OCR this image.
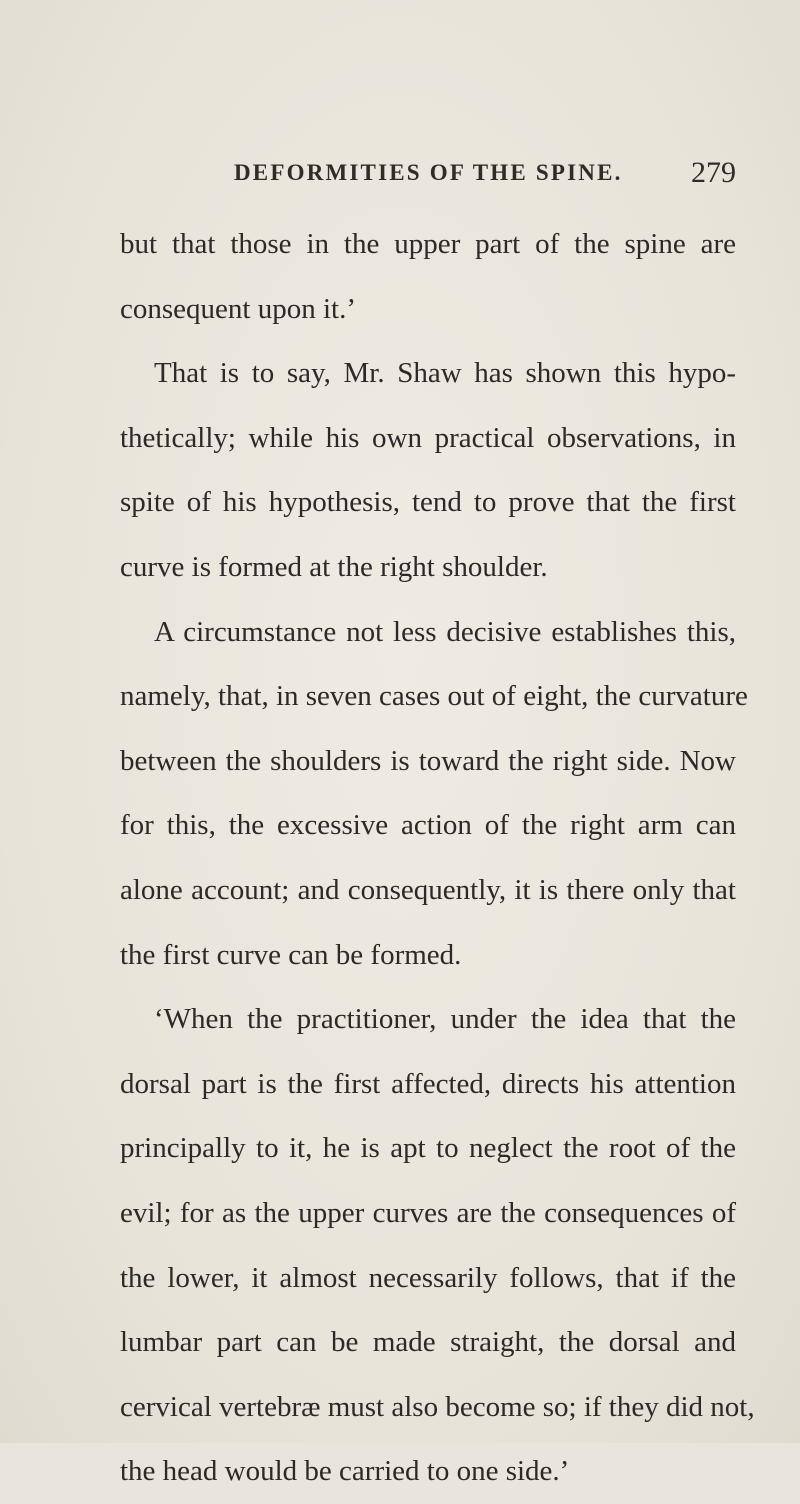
DEFORMITIES OF THE SPINE. 279
but that those in the upper part of the spine are
consequent upon it.’
That is to say, Mr. Shaw has shown this hypo-
thetically; while his own practical observations, in
spite of his hypothesis, tend to prove that the first
curve is formed at the right shoulder.
A circumstance not less decisive establishes this,
namely, that, in seven cases out of eight, the curvature
between the shoulders is toward the right side. Now
for this, the excessive action of the right arm can
alone account; and consequently, it is there only that
the first curve can be formed.
‘When the practitioner, under the idea that the
dorsal part is the first affected, directs his attention
principally to it, he is apt to neglect the root of the
evil; for as the upper curves are the consequences of
the lower, it almost necessarily follows, that if the
lumbar part can be made straight, the dorsal and
cervical vertebræ must also become so; if they did not,
the head would be carried to one side.’
